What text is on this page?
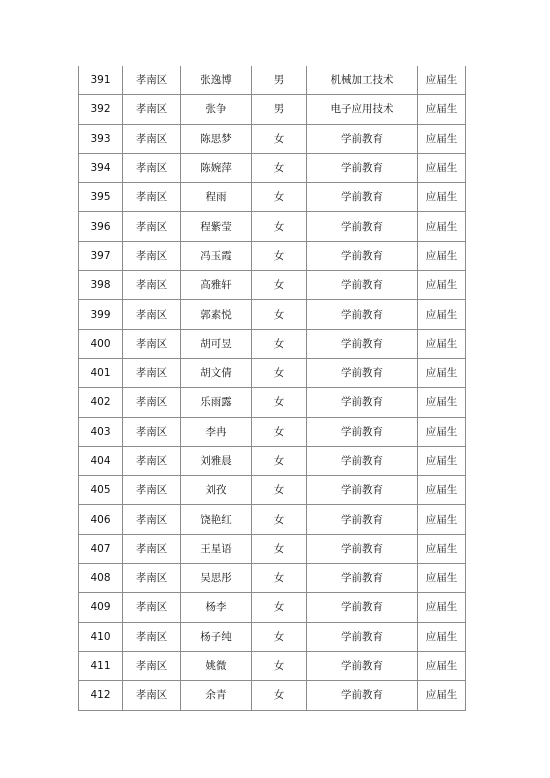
391	孝南区	张逸博	男	机械加工技术	应届生
392	孝南区	张争	男	电子应用技术	应届生
393	孝南区	陈思梦	女	学前教育	应届生
394	孝南区	陈婉萍	女	学前教育	应届生
395	孝南区	程雨	女	学前教育	应届生
396	孝南区	程紫莹	女	学前教育	应届生
397	孝南区	冯玉霞	女	学前教育	应届生
398	孝南区	高雅轩	女	学前教育	应届生
399	孝南区	郭素悦	女	学前教育	应届生
400	孝南区	胡可昱	女	学前教育	应届生
401	孝南区	胡文倩	女	学前教育	应届生
402	孝南区	乐雨露	女	学前教育	应届生
403	孝南区	李冉	女	学前教育	应届生
404	孝南区	刘雅晨	女	学前教育	应届生
405	孝南区	刘孜	女	学前教育	应届生
406	孝南区	饶艳红	女	学前教育	应届生
407	孝南区	王星语	女	学前教育	应届生
408	孝南区	吴思彤	女	学前教育	应届生
409	孝南区	杨李	女	学前教育	应届生
410	孝南区	杨子纯	女	学前教育	应届生
411	孝南区	姚微	女	学前教育	应届生
412	孝南区	余青	女	学前教育	应届生
